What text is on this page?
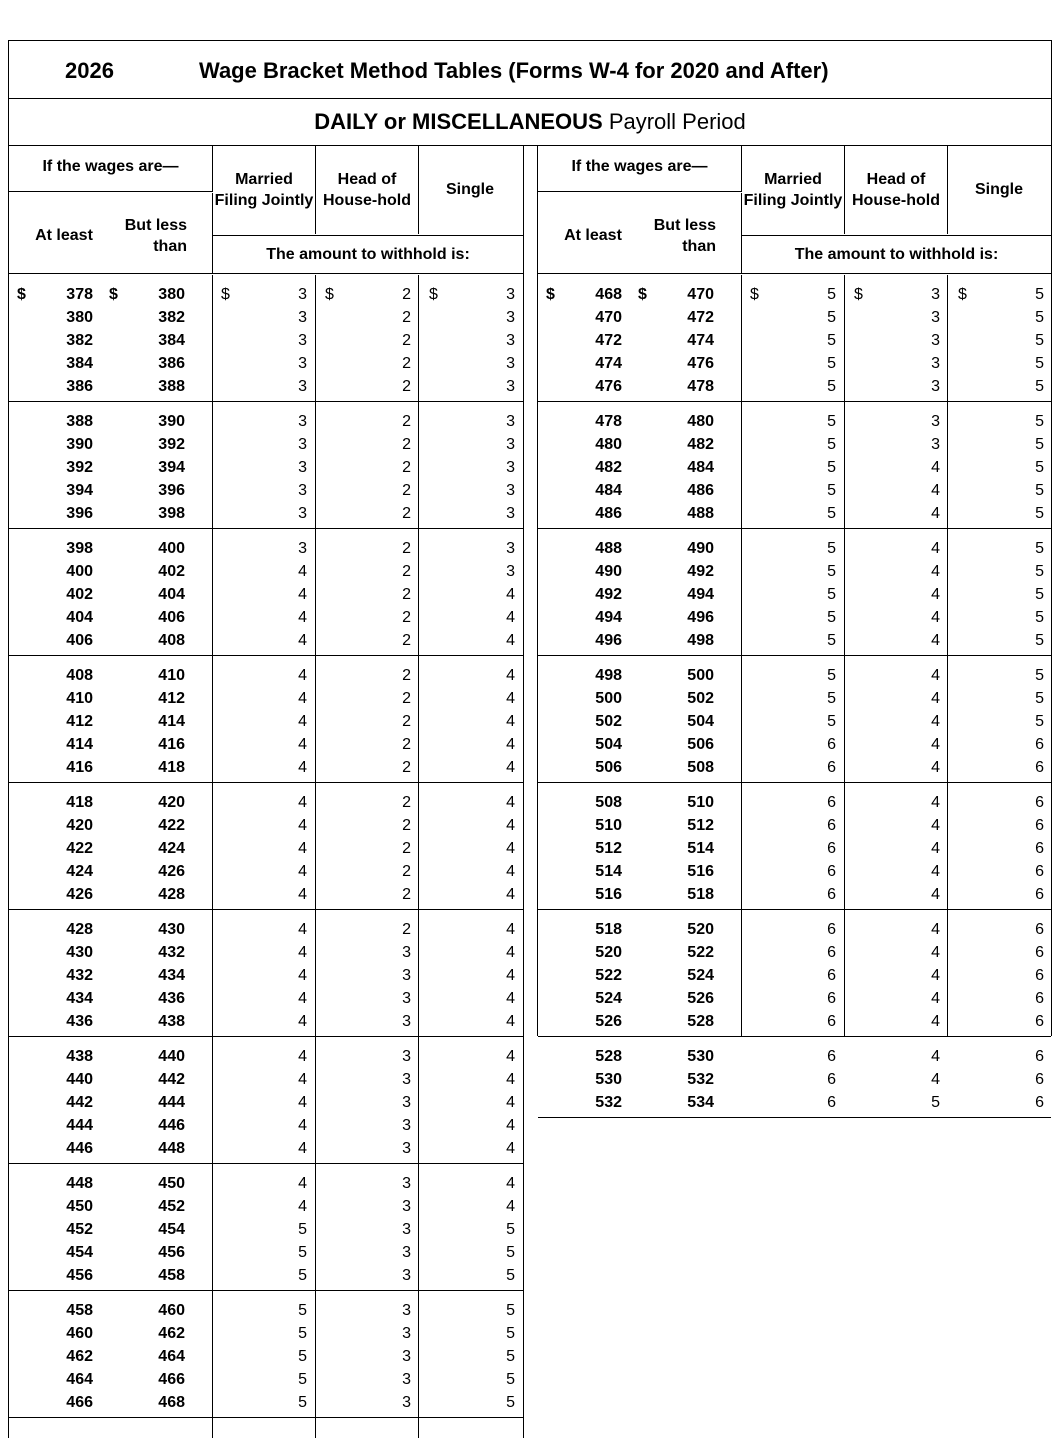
2026	Wage Bracket Method Tables (Forms W-4 for 2020 and After)
DAILY or MISCELLANEOUS Payroll Period
If the wages are—
At least
But less than
Married Filing Jointly
Head of House-hold
Single
The amount to withhold is:
378	380	3	2	3
$	$	$	$	$
380	382	3	2	3
382	384	3	2	3
384	386	3	2	3
386	388	3	2	3
388	390	3	2	3
390	392	3	2	3
392	394	3	2	3
394	396	3	2	3
396	398	3	2	3
398	400	3	2	3
400	402	4	2	3
402	404	4	2	4
404	406	4	2	4
406	408	4	2	4
408	410	4	2	4
410	412	4	2	4
412	414	4	2	4
414	416	4	2	4
416	418	4	2	4
418	420	4	2	4
420	422	4	2	4
422	424	4	2	4
424	426	4	2	4
426	428	4	2	4
428	430	4	2	4
430	432	4	3	4
432	434	4	3	4
434	436	4	3	4
436	438	4	3	4
438	440	4	3	4
440	442	4	3	4
442	444	4	3	4
444	446	4	3	4
446	448	4	3	4
448	450	4	3	4
450	452	4	3	4
452	454	5	3	5
454	456	5	3	5
456	458	5	3	5
458	460	5	3	5
460	462	5	3	5
462	464	5	3	5
464	466	5	3	5
466	468	5	3	5
If the wages are—
At least
But less than
Married Filing Jointly
Head of House-hold
Single
The amount to withhold is:
468	470	5	3	5
$	$	$	$	$
470	472	5	3	5
472	474	5	3	5
474	476	5	3	5
476	478	5	3	5
478	480	5	3	5
480	482	5	3	5
482	484	5	4	5
484	486	5	4	5
486	488	5	4	5
488	490	5	4	5
490	492	5	4	5
492	494	5	4	5
494	496	5	4	5
496	498	5	4	5
498	500	5	4	5
500	502	5	4	5
502	504	5	4	5
504	506	6	4	6
506	508	6	4	6
508	510	6	4	6
510	512	6	4	6
512	514	6	4	6
514	516	6	4	6
516	518	6	4	6
518	520	6	4	6
520	522	6	4	6
522	524	6	4	6
524	526	6	4	6
526	528	6	4	6
528	530	6	4	6
530	532	6	4	6
532	534	6	5	6
